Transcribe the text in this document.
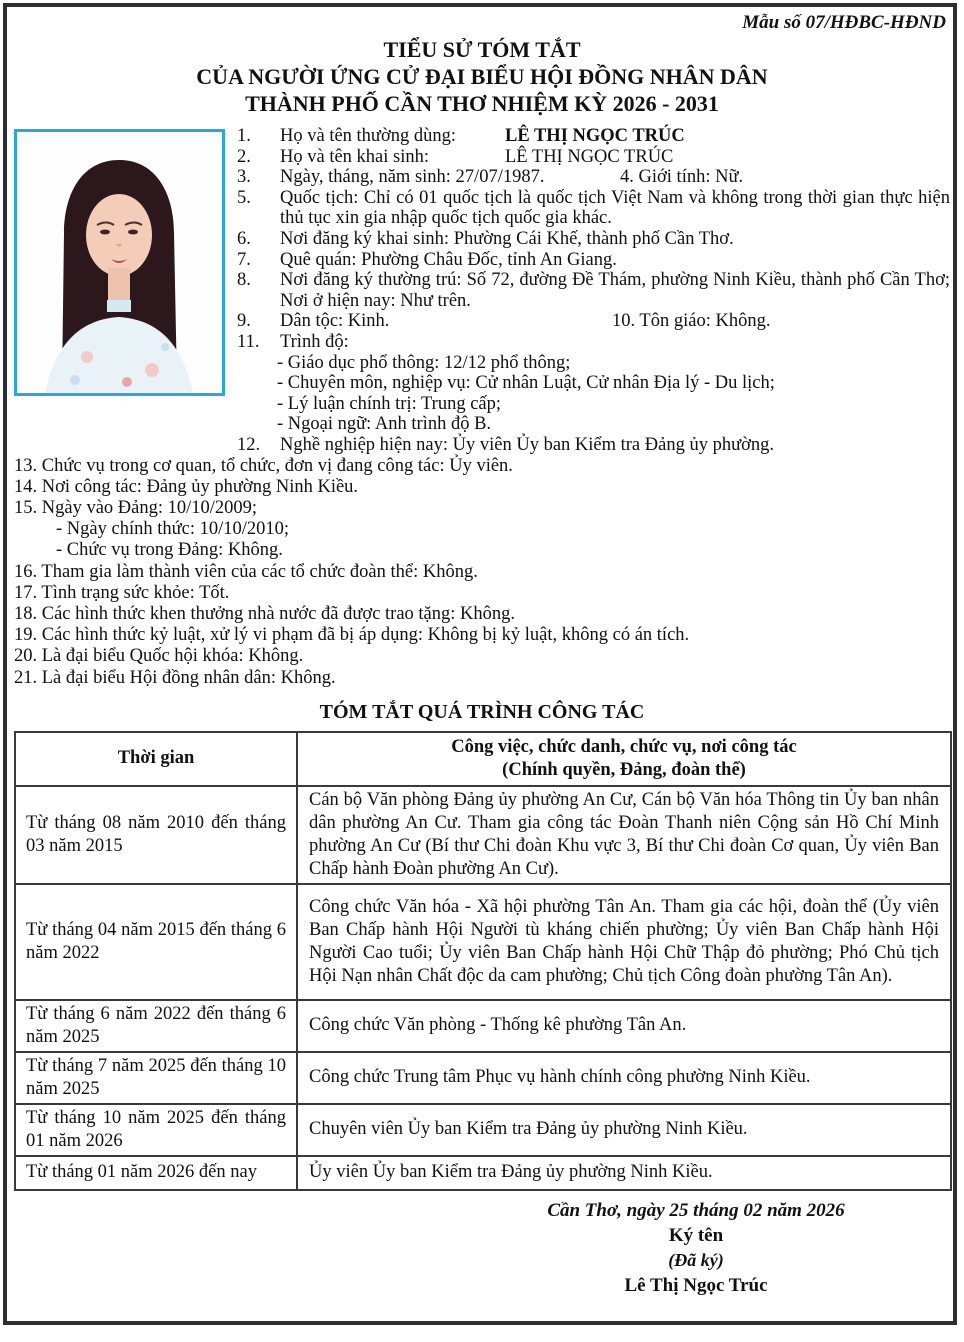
Mẫu số 07/HĐBC-HĐND
TIỂU SỬ TÓM TẮT
CỦA NGƯỜI ỨNG CỬ ĐẠI BIỂU HỘI ĐỒNG NHÂN DÂN
THÀNH PHỐ CẦN THƠ NHIỆM KỲ 2026 - 2031
1.	Họ và tên thường dùng:	LÊ THỊ NGỌC TRÚC
2.	Họ và tên khai sinh:	LÊ THỊ NGỌC TRÚC
3.	Ngày, tháng, năm sinh: 27/07/1987.	4. Giới tính: Nữ.
5.	Quốc tịch: Chỉ có 01 quốc tịch là quốc tịch Việt Nam và không trong thời gian thực hiện thủ tục xin gia nhập quốc tịch quốc gia khác.
6.	Nơi đăng ký khai sinh: Phường Cái Khế, thành phố Cần Thơ.
7.	Quê quán: Phường Châu Đốc, tỉnh An Giang.
8.	Nơi đăng ký thường trú: Số 72, đường Đề Thám, phường Ninh Kiều, thành phố Cần Thơ; Nơi ở hiện nay: Như trên.
9.	Dân tộc: Kinh.	10. Tôn giáo: Không.
11.	Trình độ:
- Giáo dục phổ thông: 12/12 phổ thông;
- Chuyên môn, nghiệp vụ: Cử nhân Luật, Cử nhân Địa lý - Du lịch;
- Lý luận chính trị: Trung cấp;
- Ngoại ngữ: Anh trình độ B.
12.	Nghề nghiệp hiện nay: Ủy viên Ủy ban Kiểm tra Đảng ủy phường.
13. Chức vụ trong cơ quan, tổ chức, đơn vị đang công tác: Ủy viên.
14. Nơi công tác: Đảng ủy phường Ninh Kiều.
15. Ngày vào Đảng: 10/10/2009;
- Ngày chính thức: 10/10/2010;
- Chức vụ trong Đảng: Không.
16. Tham gia làm thành viên của các tổ chức đoàn thể: Không.
17. Tình trạng sức khỏe: Tốt.
18. Các hình thức khen thưởng nhà nước đã được trao tặng: Không.
19. Các hình thức kỷ luật, xử lý vi phạm đã bị áp dụng: Không bị kỷ luật, không có án tích.
20. Là đại biểu Quốc hội khóa: Không.
21. Là đại biểu Hội đồng nhân dân: Không.
TÓM TẮT QUÁ TRÌNH CÔNG TÁC
Thời gian	Công việc, chức danh, chức vụ, nơi công tác
(Chính quyền, Đảng, đoàn thể)

Từ tháng 08 năm 2010 đến tháng 03 năm 2015	Cán bộ Văn phòng Đảng ủy phường An Cư, Cán bộ Văn hóa Thông tin Ủy ban nhân dân phường An Cư. Tham gia công tác Đoàn Thanh niên Cộng sản Hồ Chí Minh phường An Cư (Bí thư Chi đoàn Khu vực 3, Bí thư Chi đoàn Cơ quan, Ủy viên Ban Chấp hành Đoàn phường An Cư).
Từ tháng 04 năm 2015 đến tháng 6 năm 2022	Công chức Văn hóa - Xã hội phường Tân An. Tham gia các hội, đoàn thể (Ủy viên Ban Chấp hành Hội Người tù kháng chiến phường; Ủy viên Ban Chấp hành Hội Người Cao tuổi; Ủy viên Ban Chấp hành Hội Chữ Thập đỏ phường; Phó Chủ tịch Hội Nạn nhân Chất độc da cam phường; Chủ tịch Công đoàn phường Tân An).
Từ tháng 6 năm 2022 đến tháng 6 năm 2025	Công chức Văn phòng - Thống kê phường Tân An.
Từ tháng 7 năm 2025 đến tháng 10 năm 2025	Công chức Trung tâm Phục vụ hành chính công phường Ninh Kiều.
Từ tháng 10 năm 2025 đến tháng 01 năm 2026	Chuyên viên Ủy ban Kiểm tra Đảng ủy phường Ninh Kiều.
Từ tháng 01 năm 2026 đến nay	Ủy viên Ủy ban Kiểm tra Đảng ủy phường Ninh Kiều.
Cần Thơ, ngày 25 tháng 02 năm 2026
Ký tên
(Đã ký)
Lê Thị Ngọc Trúc
